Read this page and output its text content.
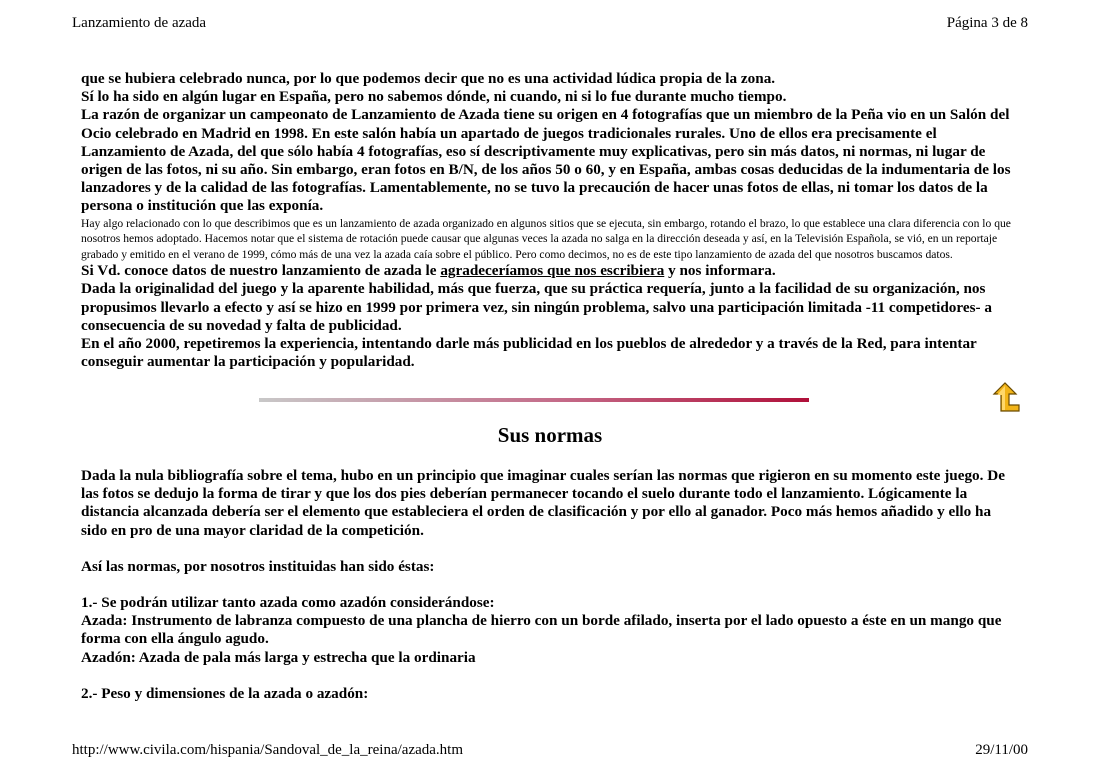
Lanzamiento de azada	Página 3 de 8

que se hubiera celebrado nunca, por lo que podemos decir que no es una actividad lúdica propia de la zona.

Sí lo ha sido en algún lugar en España, pero no sabemos dónde, ni cuando, ni si lo fue durante mucho tiempo.

La razón de organizar un campeonato de Lanzamiento de Azada tiene su origen en 4 fotografías que un miembro de la Peña vio en un Salón del Ocio celebrado en Madrid en 1998. En este salón había un apartado de juegos tradicionales rurales. Uno de ellos era precisamente el Lanzamiento de Azada, del que sólo había 4 fotografías, eso sí descriptivamente muy explicativas, pero sin más datos, ni normas, ni lugar de origen de las fotos, ni su año. Sin embargo, eran fotos en B/N, de los años 50 o 60, y en España, ambas cosas deducidas de la indumentaria de los lanzadores y de la calidad de las fotografías. Lamentablemente, no se tuvo la precaución de hacer unas fotos de ellas, ni tomar los datos de la persona o institución que las exponía.

Hay algo relacionado con lo que describimos que es un lanzamiento de azada organizado en algunos sitios que se ejecuta, sin embargo, rotando el brazo, lo que establece una clara diferencia con lo que nosotros hemos adoptado. Hacemos notar que el sistema de rotación puede causar que algunas veces la azada no salga en la dirección deseada y así, en la Televisión Española, se vió, en un reportaje grabado y emitido en el verano de 1999, cómo más de una vez la azada caía sobre el público. Pero como decimos, no es de este tipo lanzamiento de azada del que nosotros buscamos datos.

Si Vd. conoce datos de nuestro lanzamiento de azada le agradeceríamos que nos escribiera y nos informara.

Dada la originalidad del juego y la aparente habilidad, más que fuerza, que su práctica requería, junto a la facilidad de su organización, nos propusimos llevarlo a efecto y así se hizo en 1999 por primera vez, sin ningún problema, salvo una participación limitada -11 competidores- a consecuencia de su novedad y falta de publicidad.

En el año 2000, repetiremos la experiencia, intentando darle más publicidad en los pueblos de alrededor y a través de la Red, para intentar conseguir aumentar la participación y popularidad.

Sus normas

Dada la nula bibliografía sobre el tema, hubo en un principio que imaginar cuales serían las normas que rigieron en su momento este juego. De las fotos se dedujo la forma de tirar y que los dos pies deberían permanecer tocando el suelo durante todo el lanzamiento. Lógicamente la distancia alcanzada debería ser el elemento que estableciera el orden de clasificación y por ello al ganador. Poco más hemos añadido y ello ha sido en pro de una mayor claridad de la competición.

Así las normas, por nosotros instituidas han sido éstas:

1.- Se podrán utilizar tanto azada como azadón considerándose:

Azada: Instrumento de labranza compuesto de una plancha de hierro con un borde afilado, inserta por el lado opuesto a éste en un mango que forma con ella ángulo agudo.

Azadón: Azada de pala más larga y estrecha que la ordinaria

2.- Peso y dimensiones de la azada o azadón:

http://www.civila.com/hispania/Sandoval_de_la_reina/azada.htm	29/11/00
